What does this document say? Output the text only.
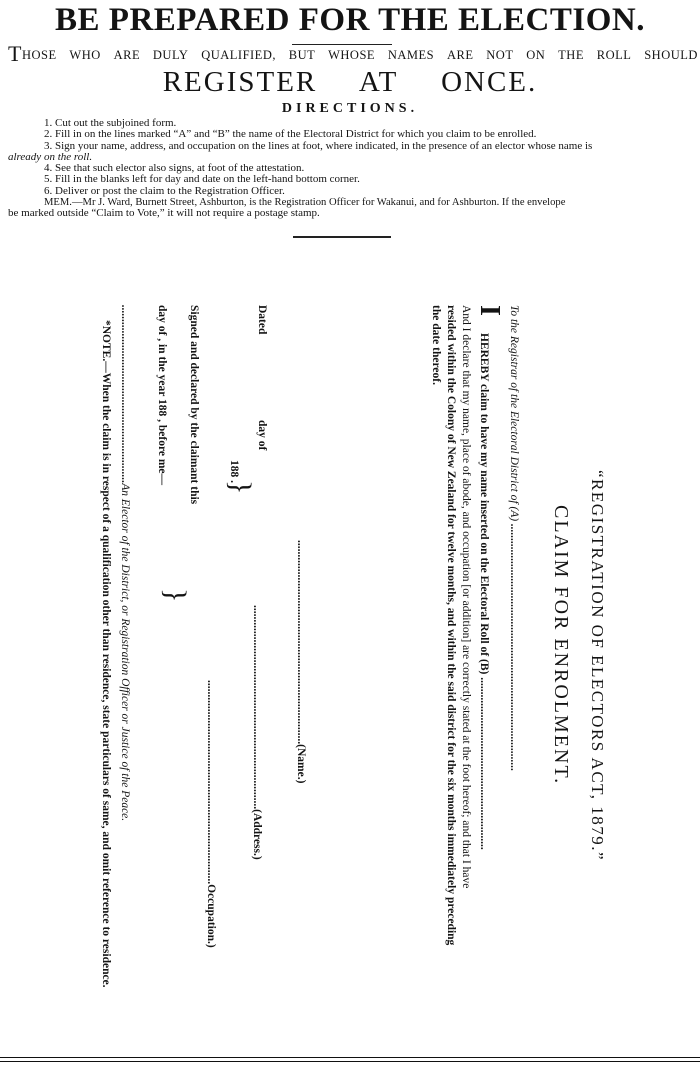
BE PREPARED FOR THE ELECTION.
THOSE WHO ARE DULY QUALIFIED, BUT WHOSE NAMES ARE NOT ON THE ROLL SHOULD
REGISTER AT ONCE.
DIRECTIONS.
1. Cut out the subjoined form.
2. Fill in on the lines marked “A” and “B” the name of the Electoral District for which you claim to be enrolled.
3. Sign your name, address, and occupation on the lines at foot, where indicated, in the presence of an elector whose name is
already on the roll.
4. See that such elector also signs, at foot of the attestation.
5. Fill in the blanks left for day and date on the left-hand bottom corner.
6. Deliver or post the claim to the Registration Officer.
MEM.—Mr J. Ward, Burnett Street, Ashburton, is the Registration Officer for Wakanui, and for Ashburton. If the envelope
be marked outside “Claim to Vote,” it will not require a postage stamp.
“REGISTRATION OF ELECTORS ACT, 1879.”
CLAIM FOR ENROLMENT.
To the Registrar of the Electoral District of (A) ......................................................................................
I
HEREBY claim to have my name inserted on the Electoral Roll of (B) ............................................................
And I declare that my name, place of abode, and occupation [or addition] are correctly stated at the foot hereof; and that I have
resided within the Colony of New Zealand for twelve months, and within the said district for the six months immediately preceding
the date thereof.
.......................................................................(Name.)
.......................................................................(Address.)
.......................................................................Occupation.)
Dated
day of
188 .
}
Signed and declared by the claimant this
day of , in the year 188 , before me—
}
..............................................................An Elector of the District, or Registration Officer or Justice of the Peace.
*NOTE.—When the claim is in respect of a qualification other than residence, state particulars of same, and omit reference to residence.
